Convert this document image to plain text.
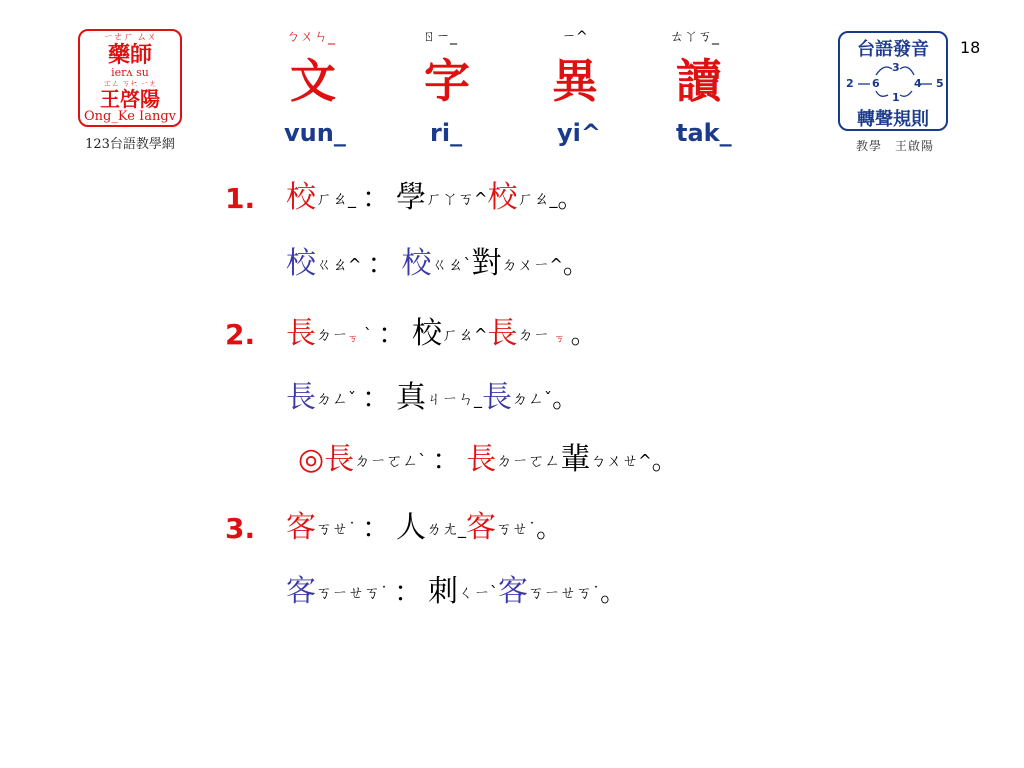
ㄧㄜㄏ ㄙㄨ
藥師
ierʌ su
ㆲㄥ ㄎㆤ ㄧㄤ
王啓陽
Ong_Ke Iangv
123台語教學網
台語發音
轉聲規則
2 6
3
4 5
1
教學　王啟陽
18
ㄅㄨㄣ_
文
vun_
ㄖㄧ_
字
ri_
ㄧ^
異
yi^
ㄊㄚㄎ_
讀
tak_
1.
2.
3.
校ㄏㄠ_ ： 學ㄏㄚㄎ^校ㄏㄠ_。
校ㄍㄠ^ ： 校ㄍㄠˋ對ㄉㄨㄧ^。
長ㄉㄧㆶˋ ： 校ㄏㄠ^長ㄉㄧ ㆶ。
長ㄉㄥˇ ： 真ㄐㄧㄣ_長ㄉㄥˇ。
◎長ㄉㄧㆦㄥˋ ： 長ㄉㄧㆦㄥ輩ㄅㄨㄝ^。
客ㄎㄝ˙ ： 人ㄌㄤ_客ㄎㄝ˙。
客ㄎㄧㄝㄎ˙ ： 刺ㄑㄧˋ客ㄎㄧㄝㄎ˙。
